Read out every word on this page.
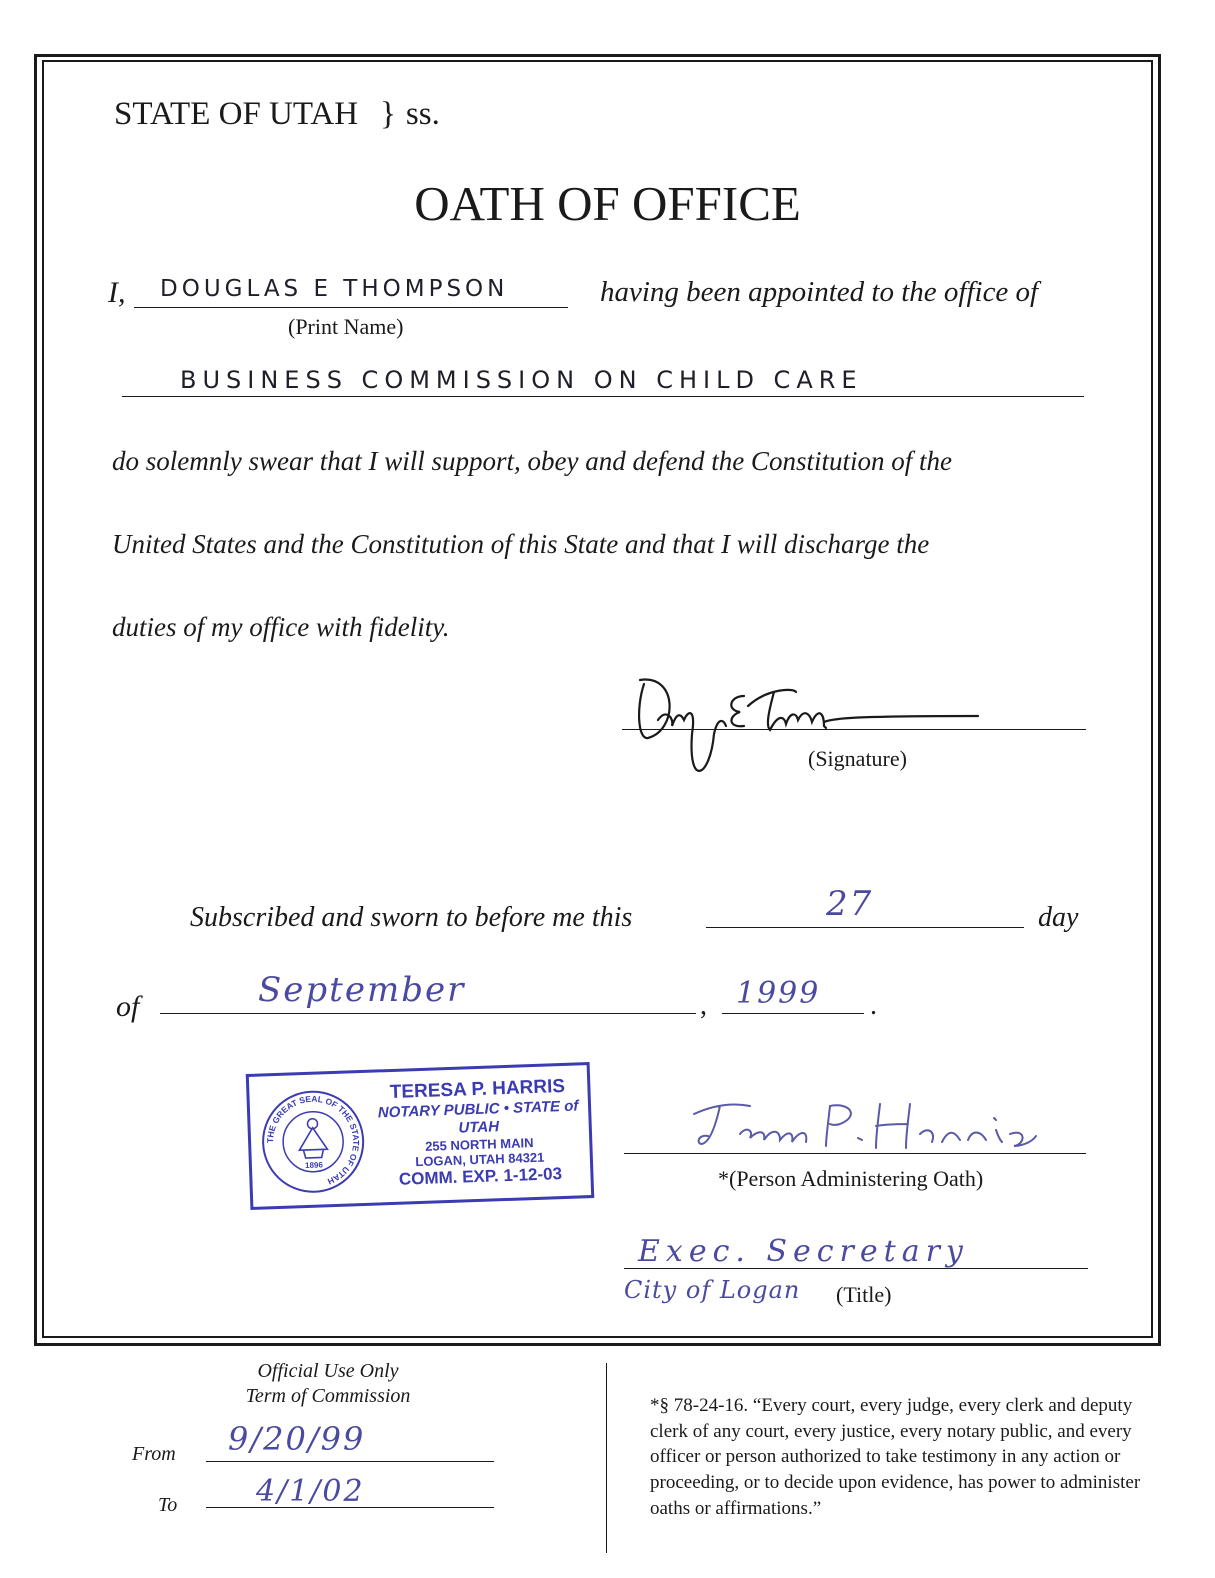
STATE OF UTAH } ss.
OATH OF OFFICE
I, DOUGLAS E THOMPSON	having been appointed to the office of
(Print Name)
BUSINESS COMMISSION ON CHILD CARE
do solemnly swear that I will support, obey and defend the Constitution of the
United States and the Constitution of this State and that I will discharge the
duties of my office with fidelity.
Douglas E Thompson
(Signature)
Subscribed and sworn to before me this	27	day
of	September	, 1999 .
THE GREAT SEAL OF THE STATE OF UTAH
1896
TERESA P. HARRIS
NOTARY PUBLIC • STATE of UTAH
255 NORTH MAIN
LOGAN, UTAH 84321
COMM. EXP. 1-12-03
Teresa P. Harris
*(Person Administering Oath)
Exec. Secretary
City of Logan (Title)
Official Use Only
Term of Commission
From 9/20/99
To	4/1/02
*§ 78-24-16. “Every court, every judge, every clerk and deputy clerk of any court, every justice, every notary public, and every officer or person authorized to take testimony in any action or proceeding, or to decide upon evidence, has power to administer oaths or affirmations.”
